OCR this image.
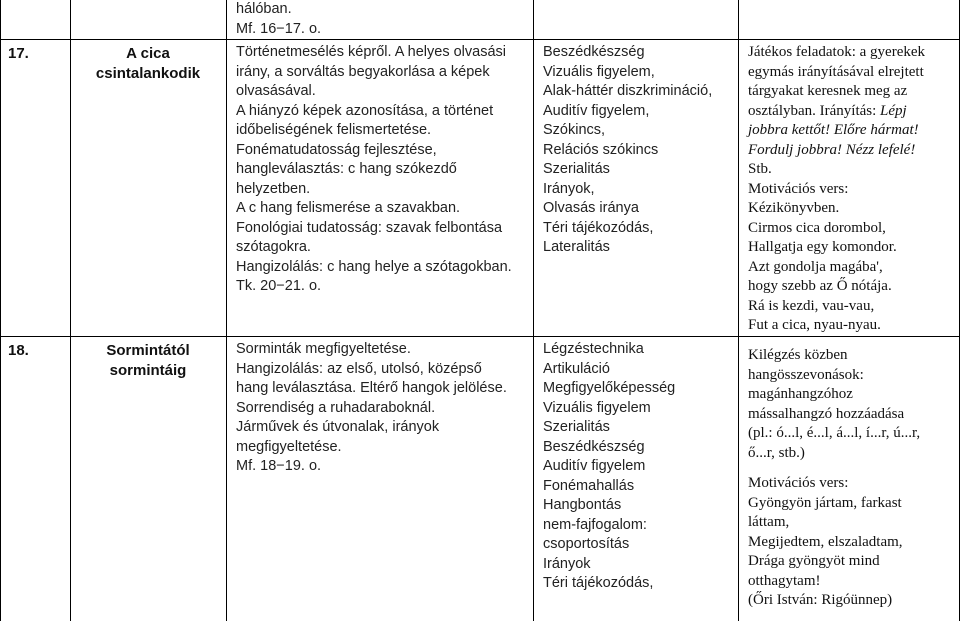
hálóban.
Mf. 16−17. o.
17.	A cica
csintalankodik
Történetmesélés képről. A helyes olvasási
irány, a sorváltás begyakorlása a képek
olvasásával.
A hiányzó képek azonosítása, a történet
időbeliségének felismertetése.
Fonématudatosság fejlesztése,
hangleválasztás: c hang szókezdő
helyzetben.
A c hang felismerése a szavakban.
Fonológiai tudatosság: szavak felbontása
szótagokra.
Hangizolálás: c hang helye a szótagokban.
Tk. 20−21. o.
Beszédkészség
Vizuális figyelem,
Alak-háttér diszkrimináció,
Auditív figyelem,
Szókincs,
Relációs szókincs
Szerialitás
Irányok,
Olvasás iránya
Téri tájékozódás,
Lateralitás
Játékos feladatok: a gyerekek
egymás irányításával elrejtett
tárgyakat keresnek meg az
osztályban. Irányítás: Lépj
jobbra kettőt! Előre hármat!
Fordulj jobbra! Nézz lefelé!
Stb.
Motivációs vers:
Kézikönyvben.
Cirmos cica dorombol,
Hallgatja egy komondor.
Azt gondolja magába',
hogy szebb az Ő nótája.
Rá is kezdi, vau-vau,
Fut a cica, nyau-nyau.
18.	Sormintától
sormintáig
Sorminták megfigyeltetése.
Hangizolálás: az első, utolsó, középső
hang leválasztása. Eltérő hangok jelölése.
Sorrendiség a ruhadaraboknál.
Járművek és útvonalak, irányok
megfigyeltetése.
Mf. 18−19. o.
Légzéstechnika
Artikuláció
Megfigyelőképesség
Vizuális figyelem
Szerialitás
Beszédkészség
Auditív figyelem
Fonémahallás
Hangbontás
nem-fajfogalom:
csoportosítás
Irányok
Téri tájékozódás,
Kilégzés közben
hangösszevonások:
magánhangzóhoz
mássalhangzó hozzáadása
(pl.: ó...l, é...l, á...l, í...r, ú...r,
ő...r, stb.)
Motivációs vers:
Gyöngyön jártam, farkast
láttam,
Megijedtem, elszaladtam,
Drága gyöngyöt mind
otthagytam!
(Őri István: Rigóünnep)
